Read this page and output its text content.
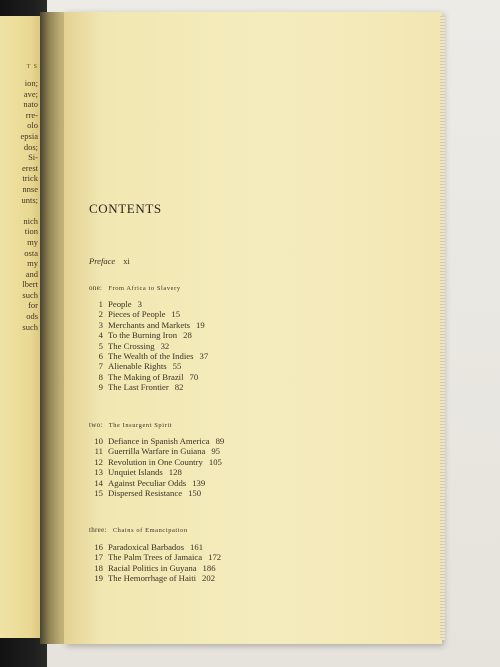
T S
ion;
ave;
nato
rre-
olo
epsia
dos;
Si-
erest
trick
nnse
unts;

nich
tion
my
osta
my
and
lbert
such
for
ods
such
CONTENTS
Preface xi
one: From Africa to Slavery
1 People 3
2 Pieces of People 15
3 Merchants and Markets 19
4 To the Burning Iron 28
5 The Crossing 32
6 The Wealth of the Indies 37
7 Alienable Rights 55
8 The Making of Brazil 70
9 The Last Frontier 82
two: The Insurgent Spirit
10 Defiance in Spanish America 89
11 Guerrilla Warfare in Guiana 95
12 Revolution in One Country 105
13 Unquiet Islands 128
14 Against Peculiar Odds 139
15 Dispersed Resistance 150
three: Chains of Emancipation
16 Paradoxical Barbados 161
17 The Palm Trees of Jamaica 172
18 Racial Politics in Guyana 186
19 The Hemorrhage of Haiti 202
